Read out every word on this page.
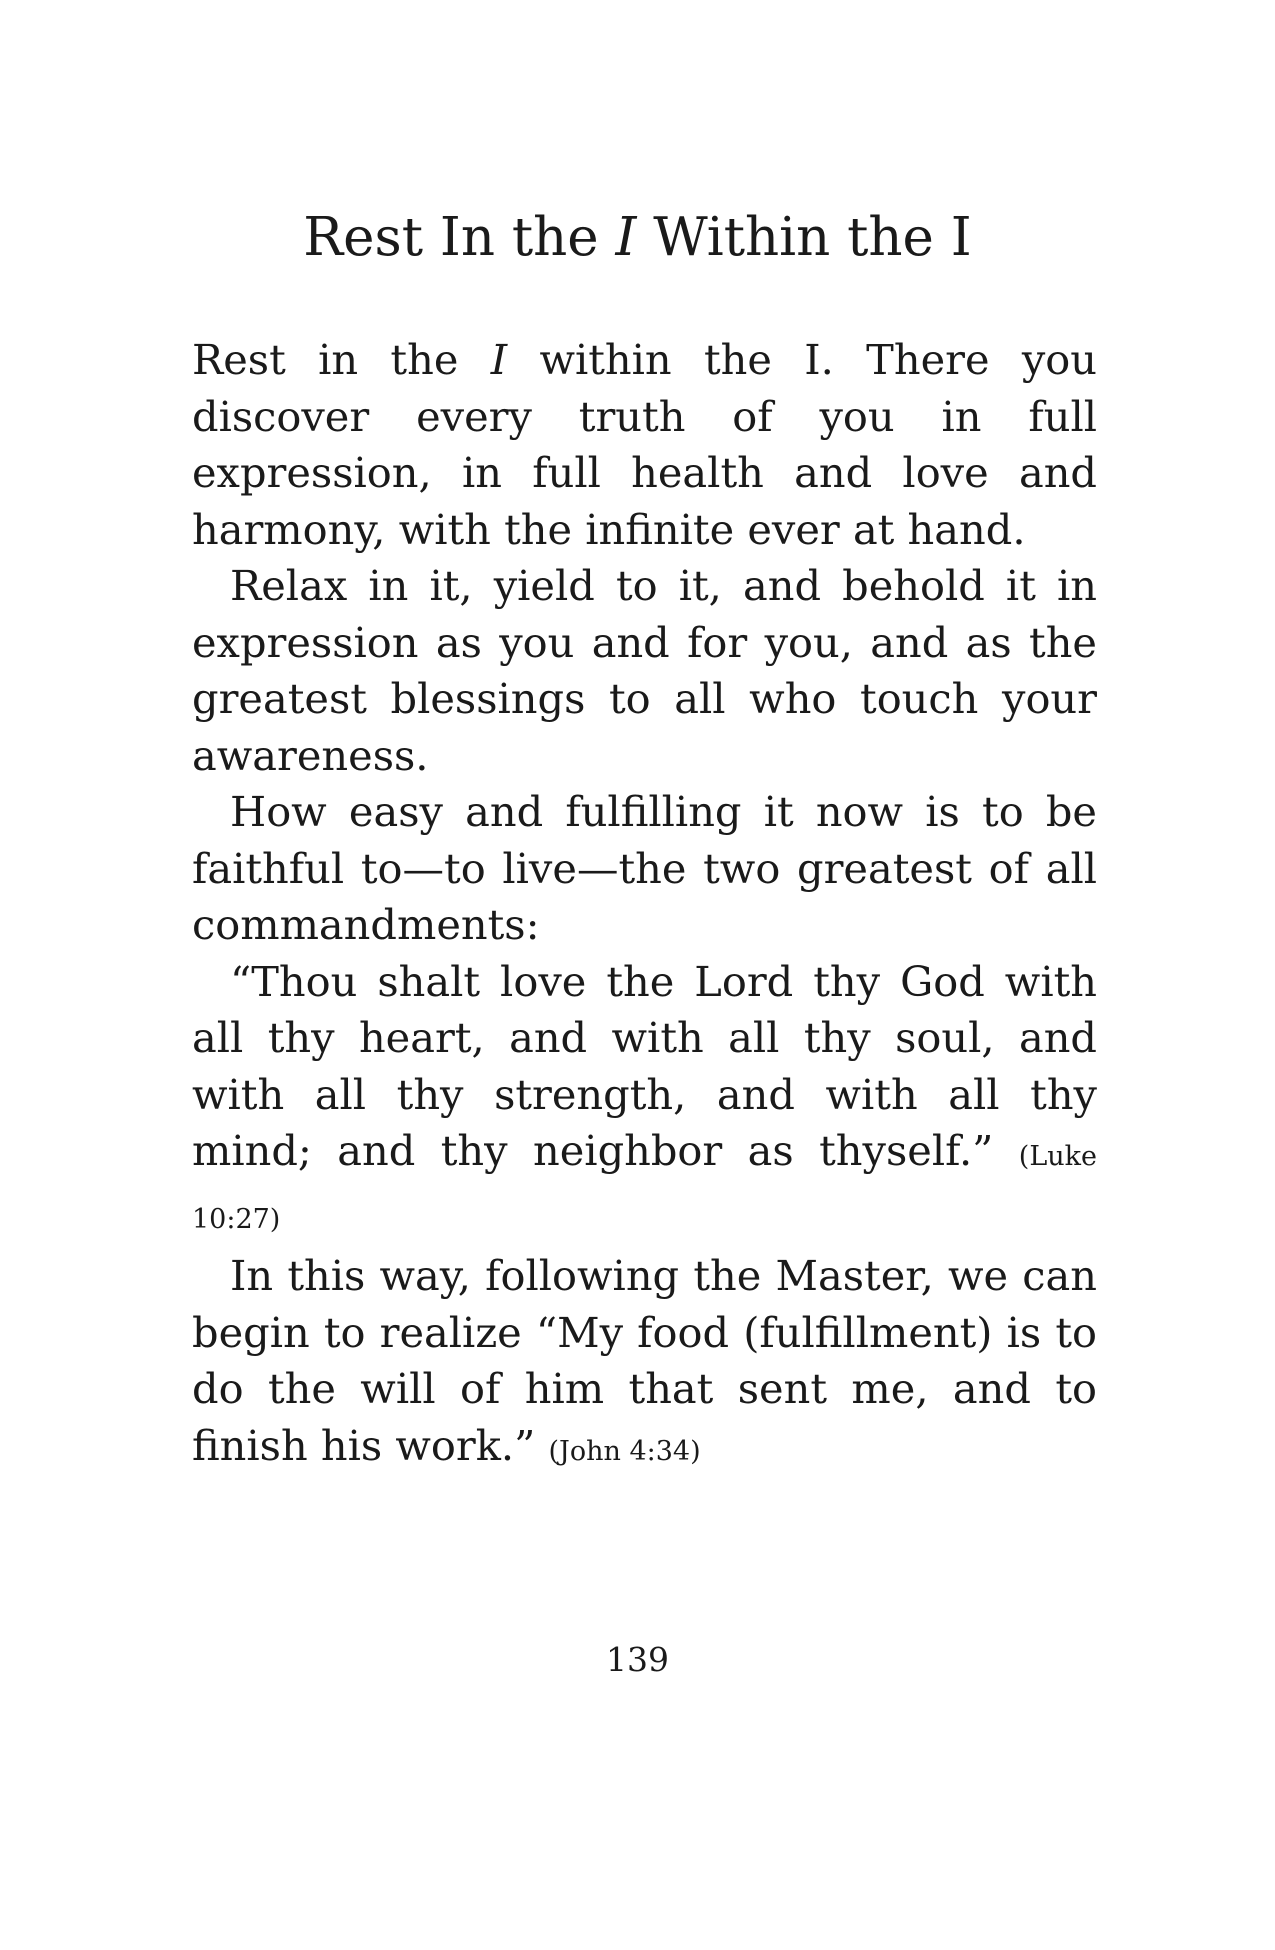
Rest In the I Within the I

Rest in the I within the I. There you discover every truth of you in full expression, in full health and love and harmony, with the infinite ever at hand.

Relax in it, yield to it, and behold it in expression as you and for you, and as the greatest blessings to all who touch your awareness.

How easy and fulfilling it now is to be faithful to—to live—the two greatest of all commandments:

“Thou shalt love the Lord thy God with all thy heart, and with all thy soul, and with all thy strength, and with all thy mind; and thy neighbor as thyself.” (Luke 10:27)

In this way, following the Master, we can begin to realize “My food (fulfillment) is to do the will of him that sent me, and to finish his work.” (John 4:34)

139
